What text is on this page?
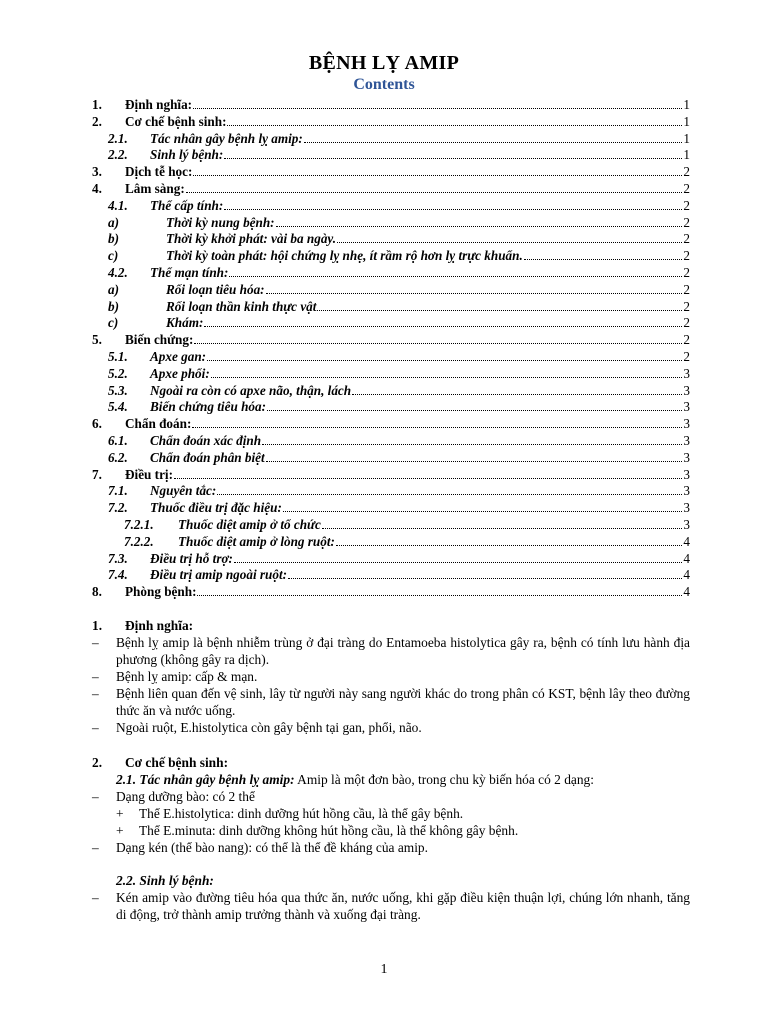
BỆNH LỴ AMIP
Contents
1.	Định nghĩa:	1
2.	Cơ chế bệnh sinh:	1
2.1.	Tác nhân gây bệnh lỵ amip:	1
2.2.	Sinh lý bệnh:	1
3.	Dịch tễ học:	2
4.	Lâm sàng:	2
4.1.	Thể cấp tính:	2
a)	Thời kỳ nung bệnh:	2
b)	Thời kỳ khởi phát: vài ba ngày.	2
c)	Thời kỳ toàn phát: hội chứng lỵ nhẹ, ít rầm rộ hơn lỵ trực khuẩn.	2
4.2.	Thể mạn tính:	2
a)	Rối loạn tiêu hóa:	2
b)	Rối loạn thần kinh thực vật	2
c)	Khám:	2
5.	Biến chứng:	2
5.1.	Apxe gan:	2
5.2.	Apxe phổi:	3
5.3.	Ngoài ra còn có apxe não, thận, lách	3
5.4.	Biến chứng tiêu hóa:	3
6.	Chẩn đoán:	3
6.1.	Chẩn đoán xác định	3
6.2.	Chẩn đoán phân biệt	3
7.	Điều trị:	3
7.1.	Nguyên tắc:	3
7.2.	Thuốc điều trị đặc hiệu:	3
7.2.1.	Thuốc diệt amip ở tổ chức	3
7.2.2.	Thuốc diệt amip ở lòng ruột:	4
7.3.	Điều trị hỗ trợ:	4
7.4.	Điều trị amip ngoài ruột:	4
8.	Phòng bệnh:	4
1.	Định nghĩa:
–	Bệnh lỵ amip là bệnh nhiễm trùng ở đại tràng do Entamoeba histolytica gây ra, bệnh có tính lưu hành địa phương (không gây ra dịch).
–	Bệnh lỵ amip: cấp & mạn.
–	Bệnh liên quan đến vệ sinh, lây từ người này sang người khác do trong phân có KST, bệnh lây theo đường thức ăn và nước uống.
–	Ngoài ruột, E.histolytica còn gây bệnh tại gan, phổi, não.
2.	Cơ chế bệnh sinh:
2.1. Tác nhân gây bệnh lỵ amip: Amip là một đơn bào, trong chu kỳ biến hóa có 2 dạng:
–	Dạng dưỡng bào: có 2 thể
+	Thể E.histolytica: dinh dưỡng hút hồng cầu, là thể gây bệnh.
+	Thể E.minuta: dinh dưỡng không hút hồng cầu, là thể không gây bệnh.
–	Dạng kén (thể bào nang): có thể là thể đề kháng của amip.
2.2. Sinh lý bệnh:
–	Kén amip vào đường tiêu hóa qua thức ăn, nước uống, khi gặp điều kiện thuận lợi, chúng lớn nhanh, tăng di động, trở thành amip trưởng thành và xuống đại tràng.
1
